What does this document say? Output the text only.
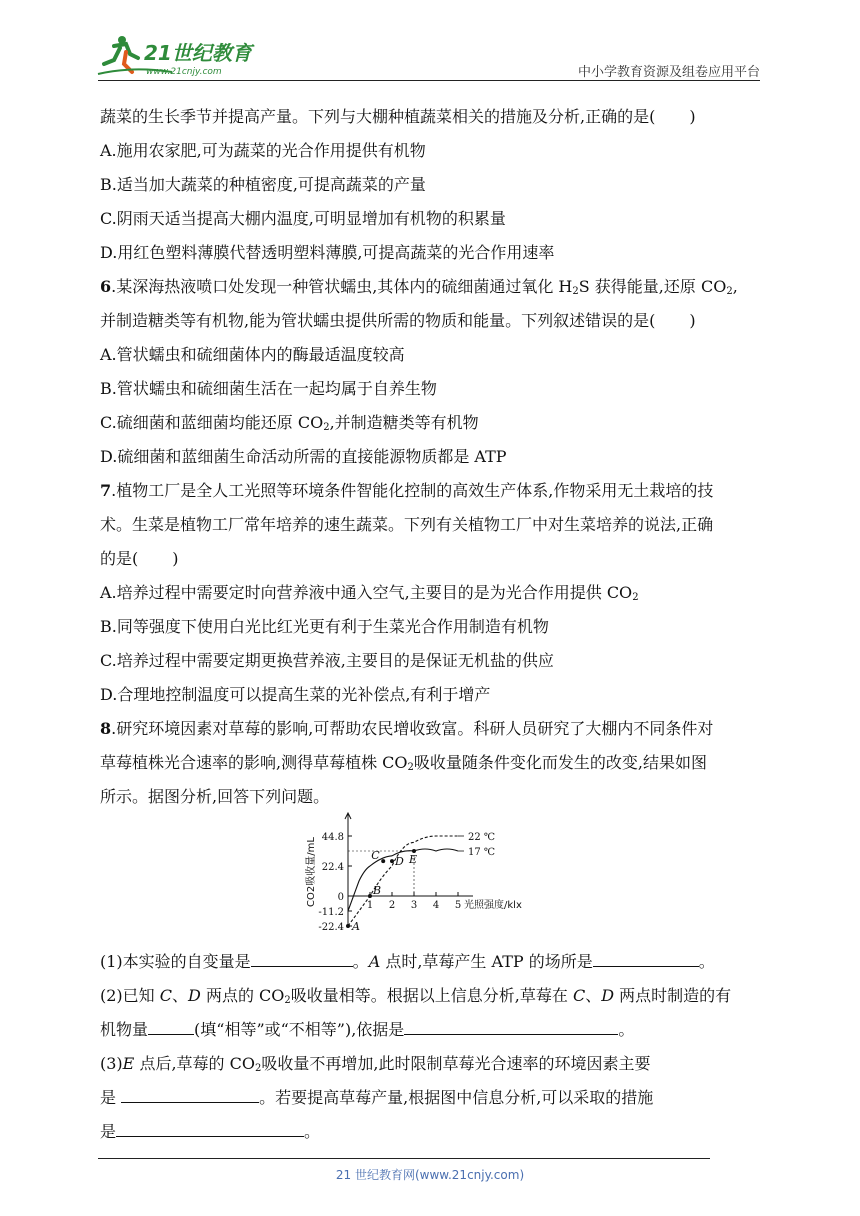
21世纪教育
www.21cnjy.com	中小学教育资源及组卷应用平台
蔬菜的生长季节并提高产量。下列与大棚种植蔬菜相关的措施及分析,正确的是( )
A.施用农家肥,可为蔬菜的光合作用提供有机物
B.适当加大蔬菜的种植密度,可提高蔬菜的产量
C.阴雨天适当提高大棚内温度,可明显增加有机物的积累量
D.用红色塑料薄膜代替透明塑料薄膜,可提高蔬菜的光合作用速率
6.某深海热液喷口处发现一种管状蠕虫,其体内的硫细菌通过氧化 $H_2S$ 获得能量,还原 $CO_2$,
并制造糖类等有机物,能为管状蠕虫提供所需的物质和能量。下列叙述错误的是( )
A.管状蠕虫和硫细菌体内的酶最适温度较高
B.管状蠕虫和硫细菌生活在一起均属于自养生物
C.硫细菌和蓝细菌均能还原 $CO_2$,并制造糖类等有机物
D.硫细菌和蓝细菌生命活动所需的直接能源物质都是 ATP
7.植物工厂是全人工光照等环境条件智能化控制的高效生产体系,作物采用无土栽培的技
术。生菜是植物工厂常年培养的速生蔬菜。下列有关植物工厂中对生菜培养的说法,正确
的是( )
A.培养过程中需要定时向营养液中通入空气,主要目的是为光合作用提供 $CO_2$
B.同等强度下使用白光比红光更有利于生菜光合作用制造有机物
C.培养过程中需要定期更换营养液,主要目的是保证无机盐的供应
D.合理地控制温度可以提高生菜的光补偿点,有利于增产
8.研究环境因素对草莓的影响,可帮助农民增收致富。科研人员研究了大棚内不同条件对
草莓植株光合速率的影响,测得草莓植株 $CO_2$吸收量随条件变化而发生的改变,结果如图
所示。据图分析,回答下列问题。
44.8
22.4
0
-11.2
-22.4
1 2 3 4 5
22 ℃
17 ℃
A
B
C D E
CO2吸收量/mL	光照强度/klx
(1)本实验的自变量是	。A 点时,草莓产生 ATP 的场所是	。
(2)已知 C、D 两点的 $CO_2$吸收量相等。根据以上信息分析,草莓在 C、D 两点时制造的有
机物量	(填“相等”或“不相等”),依据是	。
(3)E 点后,草莓的 $CO_2$吸收量不再增加,此时限制草莓光合速率的环境因素主要
是	。若要提高草莓产量,根据图中信息分析,可以采取的措施
是	。
21 世纪教育网(www.21cnjy.com)
